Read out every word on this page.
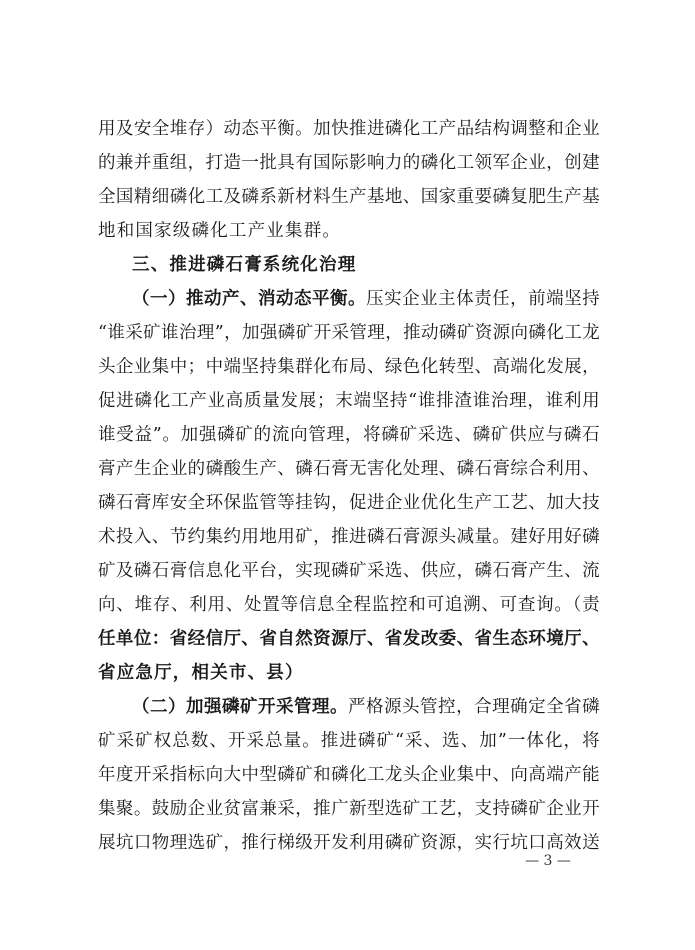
用及安全堆存）动态平衡。加快推进磷化工产品结构调整和企业
的兼并重组，打造一批具有国际影响力的磷化工领军企业，创建
全国精细磷化工及磷系新材料生产基地、国家重要磷复肥生产基
地和国家级磷化工产业集群。
三、推进磷石膏系统化治理
（一）推动产、消动态平衡。压实企业主体责任，前端坚持
“谁采矿谁治理”，加强磷矿开采管理，推动磷矿资源向磷化工龙
头企业集中；中端坚持集群化布局、绿色化转型、高端化发展，
促进磷化工产业高质量发展；末端坚持“谁排渣谁治理，谁利用
谁受益”。加强磷矿的流向管理，将磷矿采选、磷矿供应与磷石
膏产生企业的磷酸生产、磷石膏无害化处理、磷石膏综合利用、
磷石膏库安全环保监管等挂钩，促进企业优化生产工艺、加大技
术投入、节约集约用地用矿，推进磷石膏源头减量。建好用好磷
矿及磷石膏信息化平台，实现磷矿采选、供应，磷石膏产生、流
向、堆存、利用、处置等信息全程监控和可追溯、可查询。（责
任单位：省经信厅、省自然资源厅、省发改委、省生态环境厅、
省应急厅，相关市、县）
（二）加强磷矿开采管理。严格源头管控，合理确定全省磷
矿采矿权总数、开采总量。推进磷矿“采、选、加”一体化，将
年度开采指标向大中型磷矿和磷化工龙头企业集中、向高端产能
集聚。鼓励企业贫富兼采，推广新型选矿工艺，支持磷矿企业开
展坑口物理选矿，推行梯级开发利用磷矿资源，实行坑口高效送
— 3 —
